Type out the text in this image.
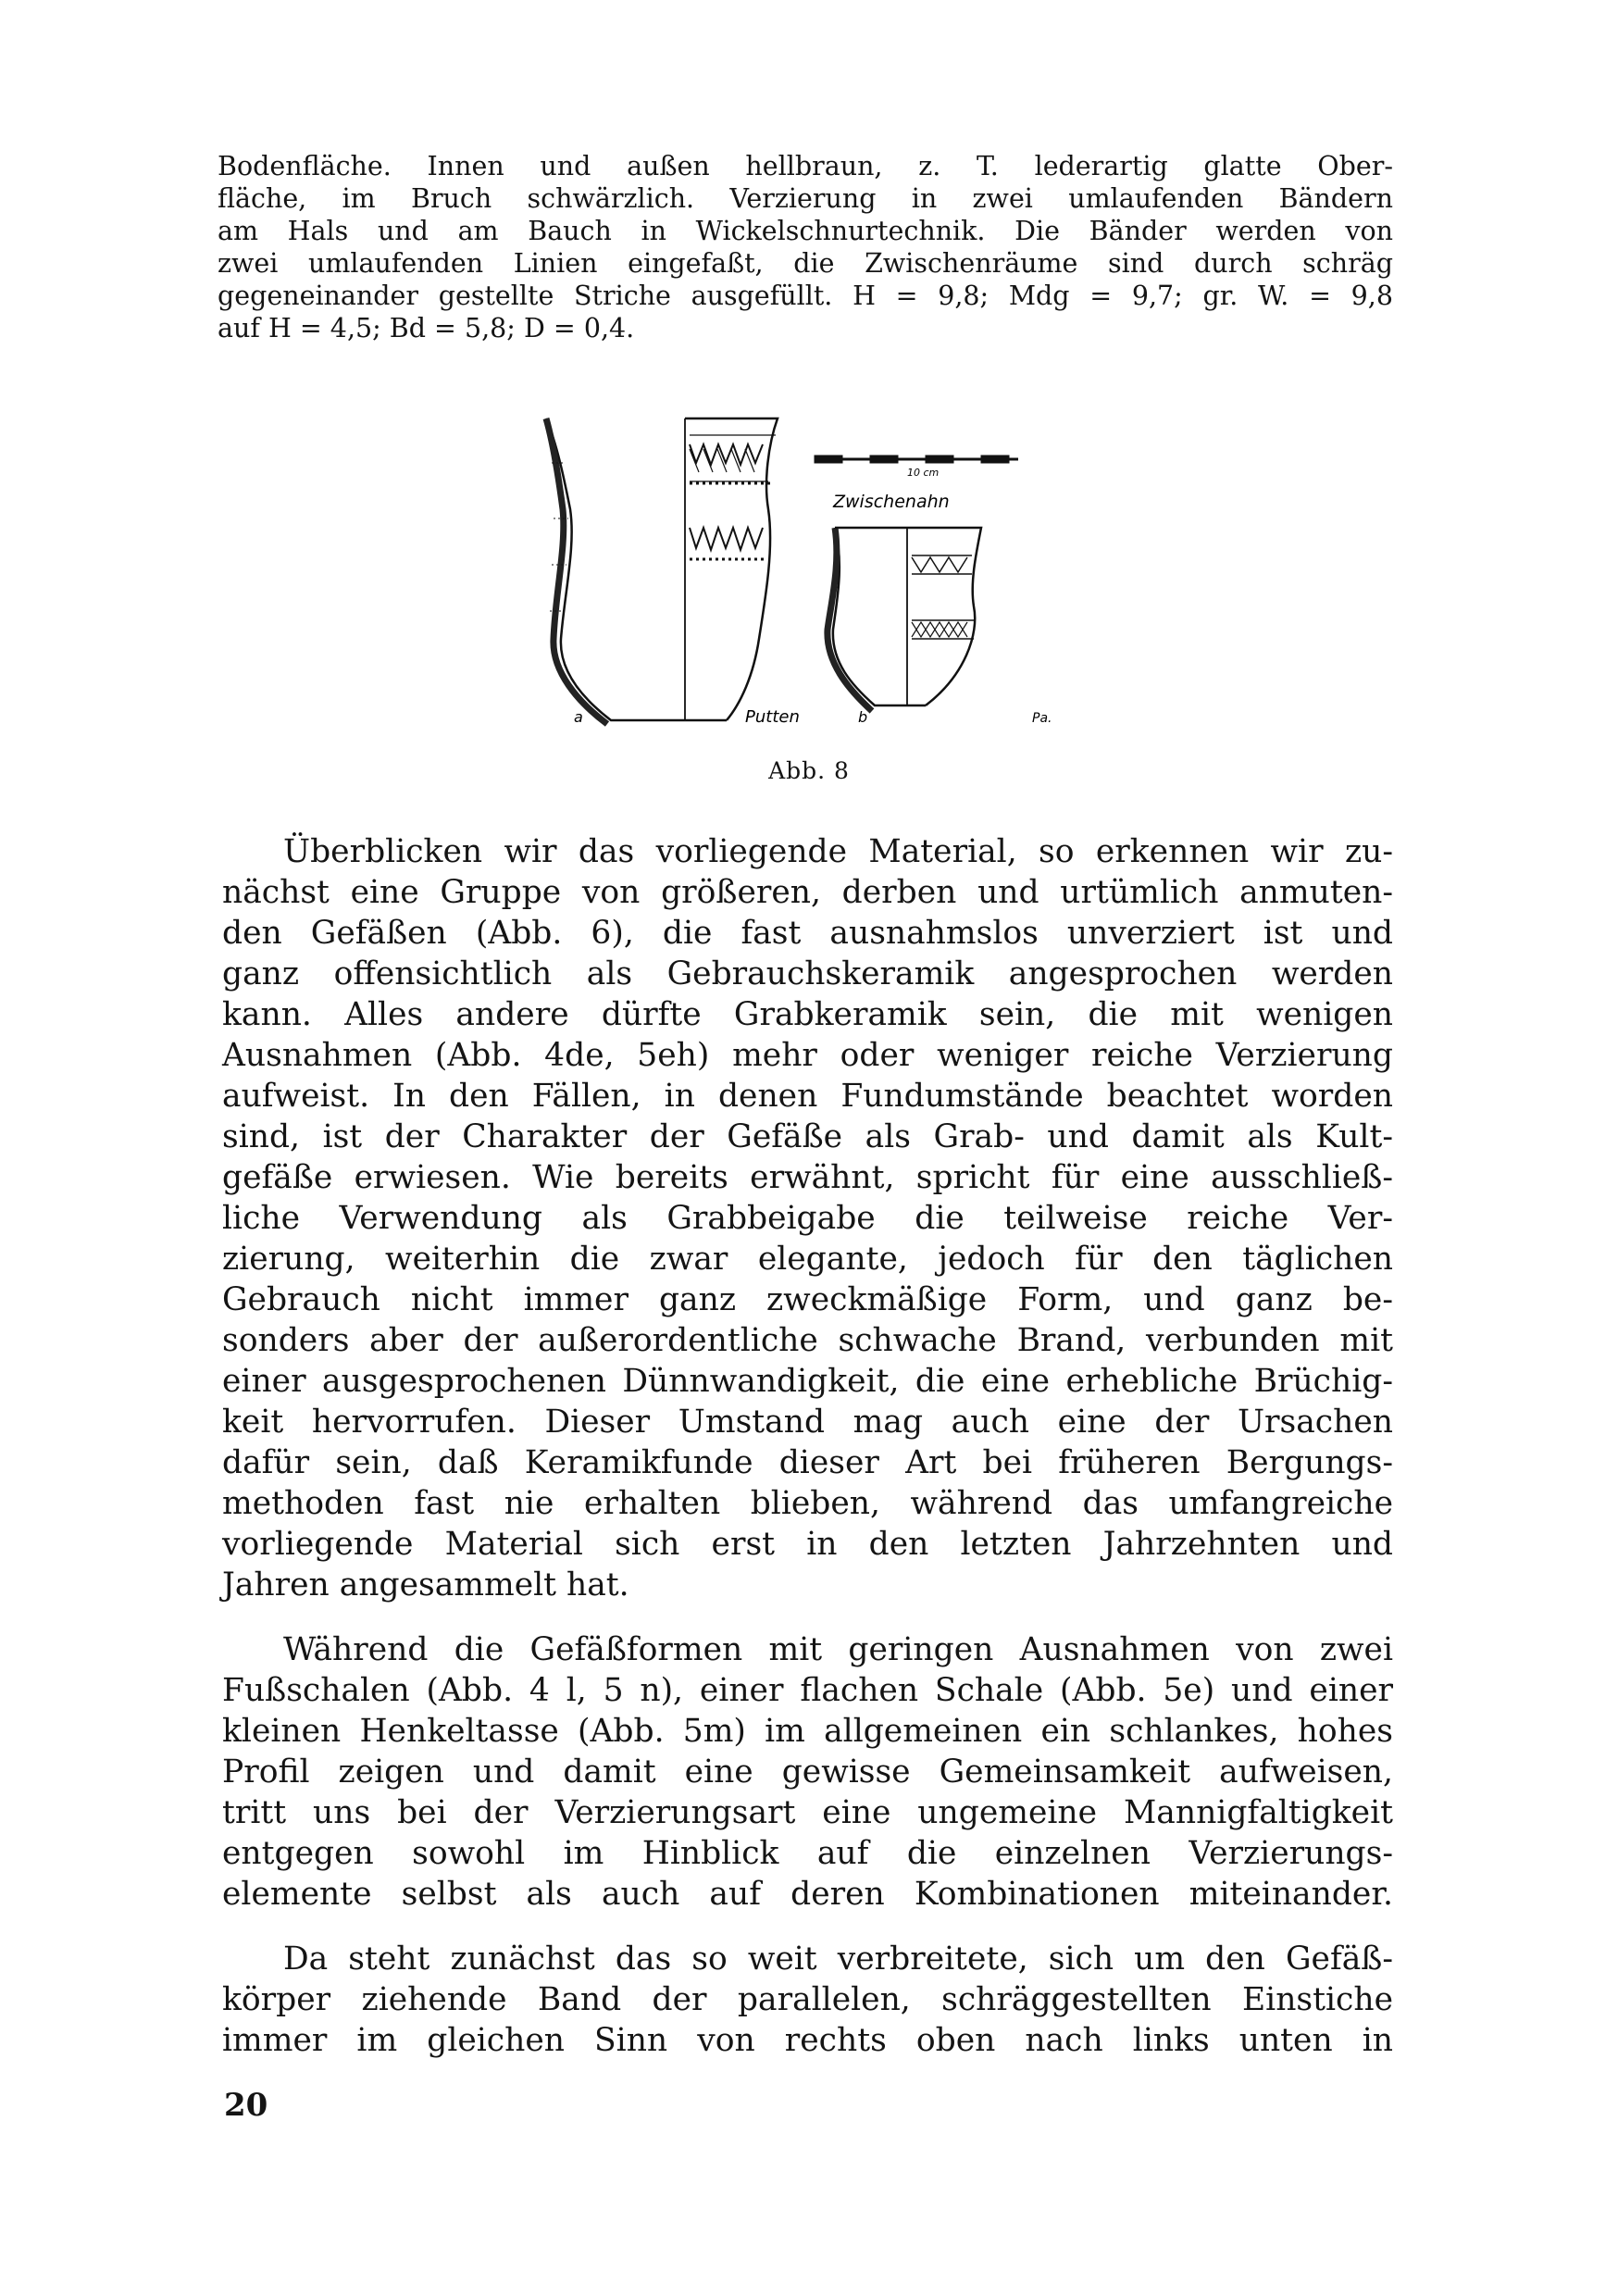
Bodenfläche. Innen und außen hellbraun, z. T. lederartig glatte Ober-
fläche, im Bruch schwärzlich. Verzierung in zwei umlaufenden Bändern
am Hals und am Bauch in Wickelschnurtechnik. Die Bänder werden von
zwei umlaufenden Linien eingefaßt, die Zwischenräume sind durch schräg
gegeneinander gestellte Striche ausgefüllt. H = 9,8; Mdg = 9,7; gr. W. = 9,8
auf H = 4,5; Bd = 5,8; D = 0,4.
10 cm
Zwischenahn
a	Putten	b	Pa.
Abb. 8
Überblicken wir das vorliegende Material, so erkennen wir zu-
nächst eine Gruppe von größeren, derben und urtümlich anmuten-
den Gefäßen (Abb. 6), die fast ausnahmslos unverziert ist und
ganz offensichtlich als Gebrauchskeramik angesprochen werden
kann. Alles andere dürfte Grabkeramik sein, die mit wenigen
Ausnahmen (Abb. 4de, 5eh) mehr oder weniger reiche Verzierung
aufweist. In den Fällen, in denen Fundumstände beachtet worden
sind, ist der Charakter der Gefäße als Grab- und damit als Kult-
gefäße erwiesen. Wie bereits erwähnt, spricht für eine ausschließ-
liche Verwendung als Grabbeigabe die teilweise reiche Ver-
zierung, weiterhin die zwar elegante, jedoch für den täglichen
Gebrauch nicht immer ganz zweckmäßige Form, und ganz be-
sonders aber der außerordentliche schwache Brand, verbunden mit
einer ausgesprochenen Dünnwandigkeit, die eine erhebliche Brüchig-
keit hervorrufen. Dieser Umstand mag auch eine der Ursachen
dafür sein, daß Keramikfunde dieser Art bei früheren Bergungs-
methoden fast nie erhalten blieben, während das umfangreiche
vorliegende Material sich erst in den letzten Jahrzehnten und
Jahren angesammelt hat.
Während die Gefäßformen mit geringen Ausnahmen von zwei
Fußschalen (Abb. 4 l, 5 n), einer flachen Schale (Abb. 5e) und einer
kleinen Henkeltasse (Abb. 5m) im allgemeinen ein schlankes, hohes
Profil zeigen und damit eine gewisse Gemeinsamkeit aufweisen,
tritt uns bei der Verzierungsart eine ungemeine Mannigfaltigkeit
entgegen sowohl im Hinblick auf die einzelnen Verzierungs-
elemente selbst als auch auf deren Kombinationen miteinander.
Da steht zunächst das so weit verbreitete, sich um den Gefäß-
körper ziehende Band der parallelen, schräggestellten Einstiche
immer im gleichen Sinn von rechts oben nach links unten in
20
